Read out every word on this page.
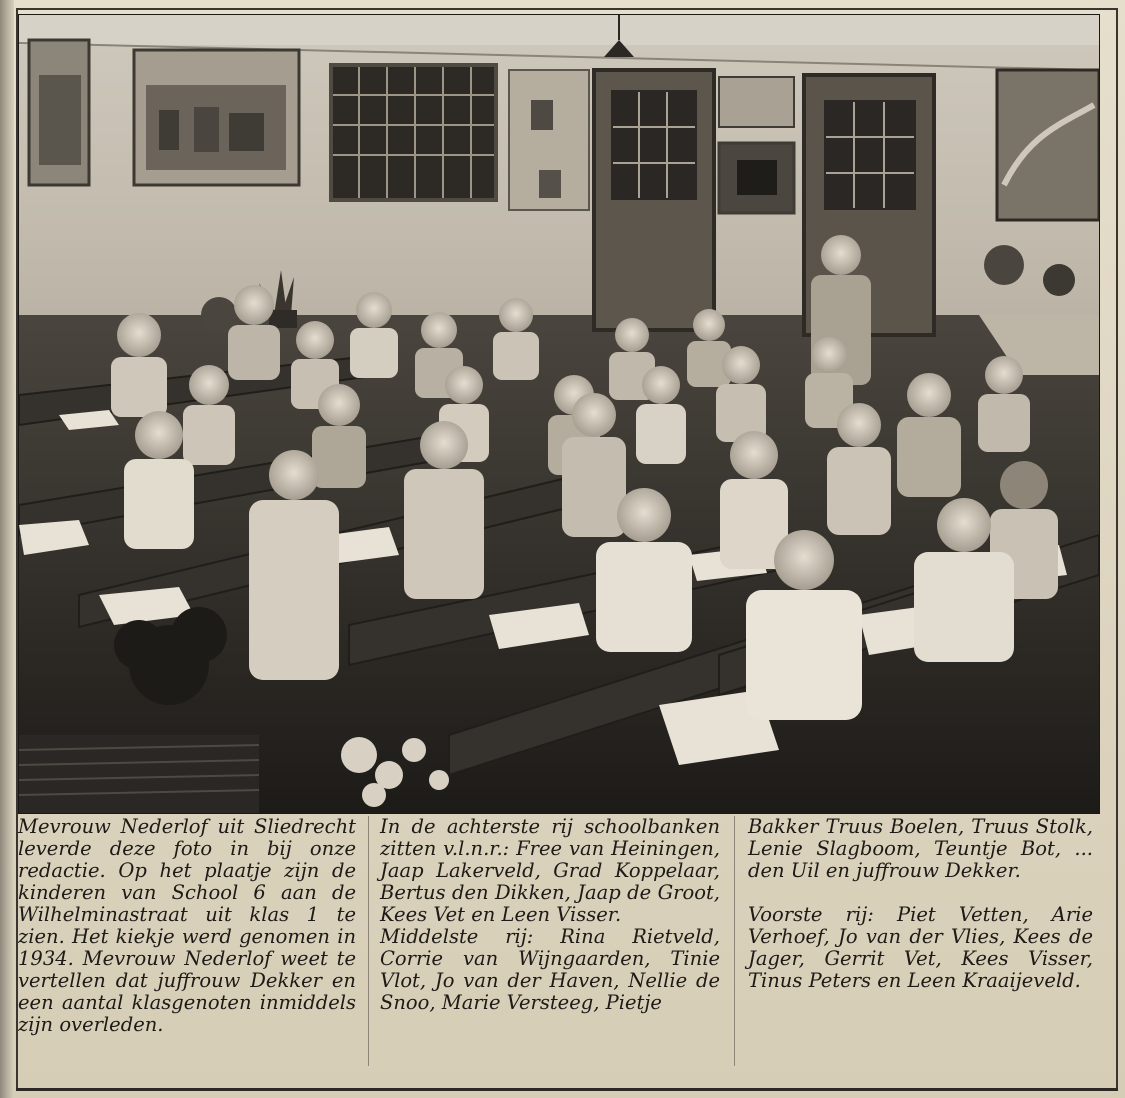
Mevrouw Nederlof uit Sliedrecht leverde deze foto in bij onze redactie. Op het plaatje zijn de kinderen van School 6 aan de Wilhelminastraat uit klas 1 te zien. Het kiekje werd genomen in 1934. Mevrouw Nederlof weet te vertellen dat juffrouw Dekker en een aantal klasgenoten inmiddels zijn overleden.

In de achterste rij schoolbanken zitten v.l.n.r.: Free van Heiningen, Jaap Lakerveld, Grad Koppelaar, Bertus den Dikken, Jaap de Groot, Kees Vet en Leen Visser.

Middelste rij: Rina Rietveld, Corrie van Wijngaarden, Tinie Vlot, Jo van der Haven, Nellie de Snoo, Marie Versteeg, Pietje

Bakker Truus Boelen, Truus Stolk, Lenie Slagboom, Teuntje Bot, ... den Uil en juffrouw Dekker.

Voorste rij: Piet Vetten, Arie Verhoef, Jo van der Vlies, Kees de Jager, Gerrit Vet, Kees Visser, Tinus Peters en Leen Kraaijeveld.
